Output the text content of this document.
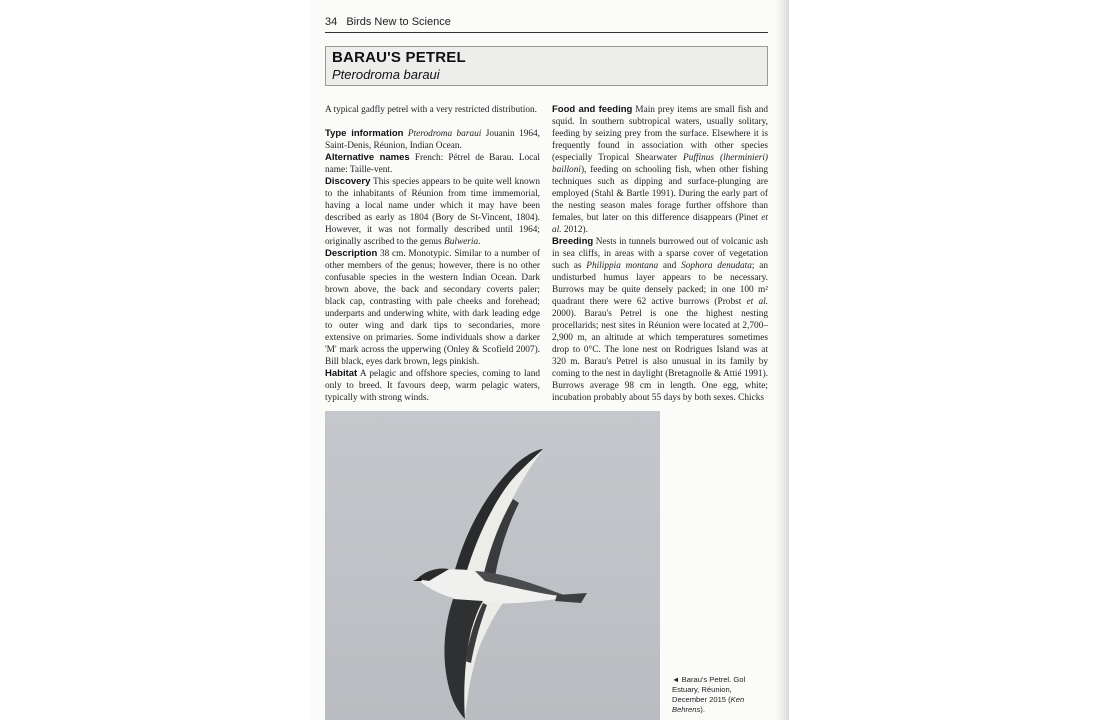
34 Birds New to Science
BARAU'S PETREL
Pterodroma baraui

A typical gadfly petrel with a very restricted distribution.

Type information Pterodroma baraui Jouanin 1964, Saint-Denis, Réunion, Indian Ocean.

Alternative names French: Pétrel de Barau. Local name: Taille-vent.

Discovery This species appears to be quite well known to the inhabitants of Réunion from time immemorial, having a local name under which it may have been described as early as 1804 (Bory de St-Vincent, 1804). However, it was not formally described until 1964; originally ascribed to the genus Bulweria.

Description 38 cm. Monotypic. Similar to a number of other members of the genus; however, there is no other confusable species in the western Indian Ocean. Dark brown above, the back and secondary coverts paler; black cap, contrasting with pale cheeks and forehead; underparts and underwing white, with dark leading edge to outer wing and dark tips to secondaries, more extensive on primaries. Some individuals show a darker 'M' mark across the upperwing (Onley & Scofield 2007). Bill black, eyes dark brown, legs pinkish.

Habitat A pelagic and offshore species, coming to land only to breed. It favours deep, warm pelagic waters, typically with strong winds.

Food and feeding Main prey items are small fish and squid. In southern subtropical waters, usually solitary, feeding by seizing prey from the surface. Elsewhere it is frequently found in association with other species (especially Tropical Shearwater Puffinus (lherminieri) bailloni), feeding on schooling fish, when other fishing techniques such as dipping and surface-plunging are employed (Stahl & Bartle 1991). During the early part of the nesting season males forage further offshore than females, but later on this difference disappears (Pinet et al. 2012).

Breeding Nests in tunnels burrowed out of volcanic ash in sea cliffs, in areas with a sparse cover of vegetation such as Philippia montana and Sophora denudata; an undisturbed humus layer appears to be necessary. Burrows may be quite densely packed; in one 100 m² quadrant there were 62 active burrows (Probst et al. 2000). Barau's Petrel is one the highest nesting procellarids; nest sites in Réunion were located at 2,700–2,900 m, an altitude at which temperatures sometimes drop to 0°C. The lone nest on Rodrigues Island was at 320 m. Barau's Petrel is also unusual in its family by coming to the nest in daylight (Bretagnolle & Attié 1991). Burrows average 98 cm in length. One egg, white; incubation probably about 55 days by both sexes. Chicks

◄ Barau's Petrel. Gol Estuary, Réunion, December 2015 (Ken Behrens).
